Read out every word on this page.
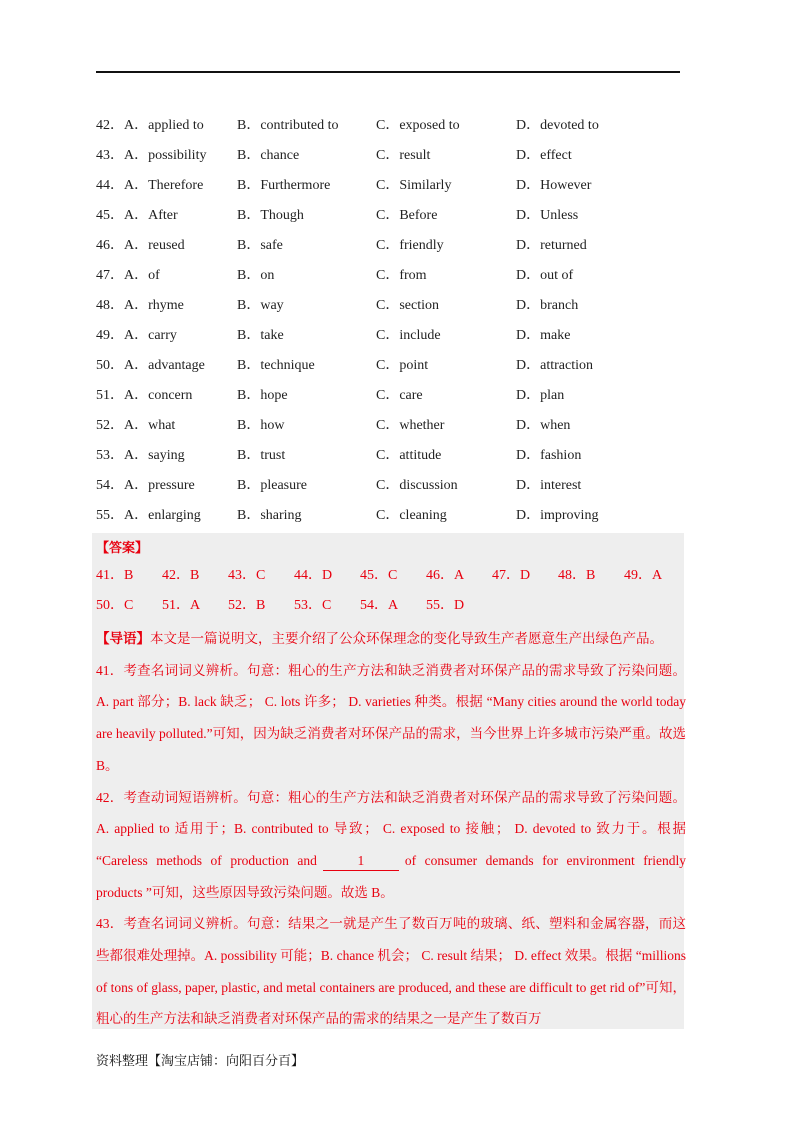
42．A．applied to B．contributed to	C．exposed to	D．devoted to
43．A．possibility B．chance	C．result	D．effect
44．A．Therefore B．Furthermore	C．Similarly	D．However
45．A．After	B．Though	C．Before	D．Unless
46．A．reused	B．safe	C．friendly	D．returned
47．A．of	B．on	C．from	D．out of
48．A．rhyme	B．way	C．section	D．branch
49．A．carry	B．take	C．include	D．make
50．A．advantage B．technique	C．point	D．attraction
51．A．concern	B．hope	C．care	D．plan
52．A．what	B．how	C．whether	D．when
53．A．saying	B．trust	C．attitude	D．fashion
54．A．pressure	B．pleasure	C．discussion	D．interest
55．A．enlarging	B．sharing	C．cleaning	D．improving
【答案】
41．B 42．B 43．C 44．D 45．C 46．A 47．D 48．B 49．A
50．C 51．A 52．B 53．C 54．A 55．D

【导语】本文是一篇说明文，主要介绍了公众环保理念的变化导致生产者愿意生产出绿色产品。

41．考查名词词义辨析。句意：粗心的生产方法和缺乏消费者对环保产品的需求导致了污染问题。A. part 部分；B. lack 缺乏； C. lots 许多； D. varieties 种类。根据 “Many cities around the world today are heavily polluted.”可知，因为缺乏消费者对环保产品的需求，当今世界上许多城市污染严重。故选 B。

42．考查动词短语辨析。句意：粗心的生产方法和缺乏消费者对环保产品的需求导致了污染问题。A. applied to 适用于；B. contributed to 导致； C. exposed to 接触； D. devoted to 致力于。根据 “Careless methods of production and	1	of consumer demands for environment friendly products ”可知，这些原因导致污染问题。故选 B。

43．考查名词词义辨析。句意：结果之一就是产生了数百万吨的玻璃、纸、塑料和金属容器，而这些都很难处理掉。A. possibility 可能；B. chance 机会； C. result 结果； D. effect 效果。根据 “millions of tons of glass, paper, plastic, and metal containers are produced, and these are difficult to get rid of”可知，粗心的生产方法和缺乏消费者对环保产品的需求的结果之一是产生了数百万

资料整理【淘宝店铺：向阳百分百】
